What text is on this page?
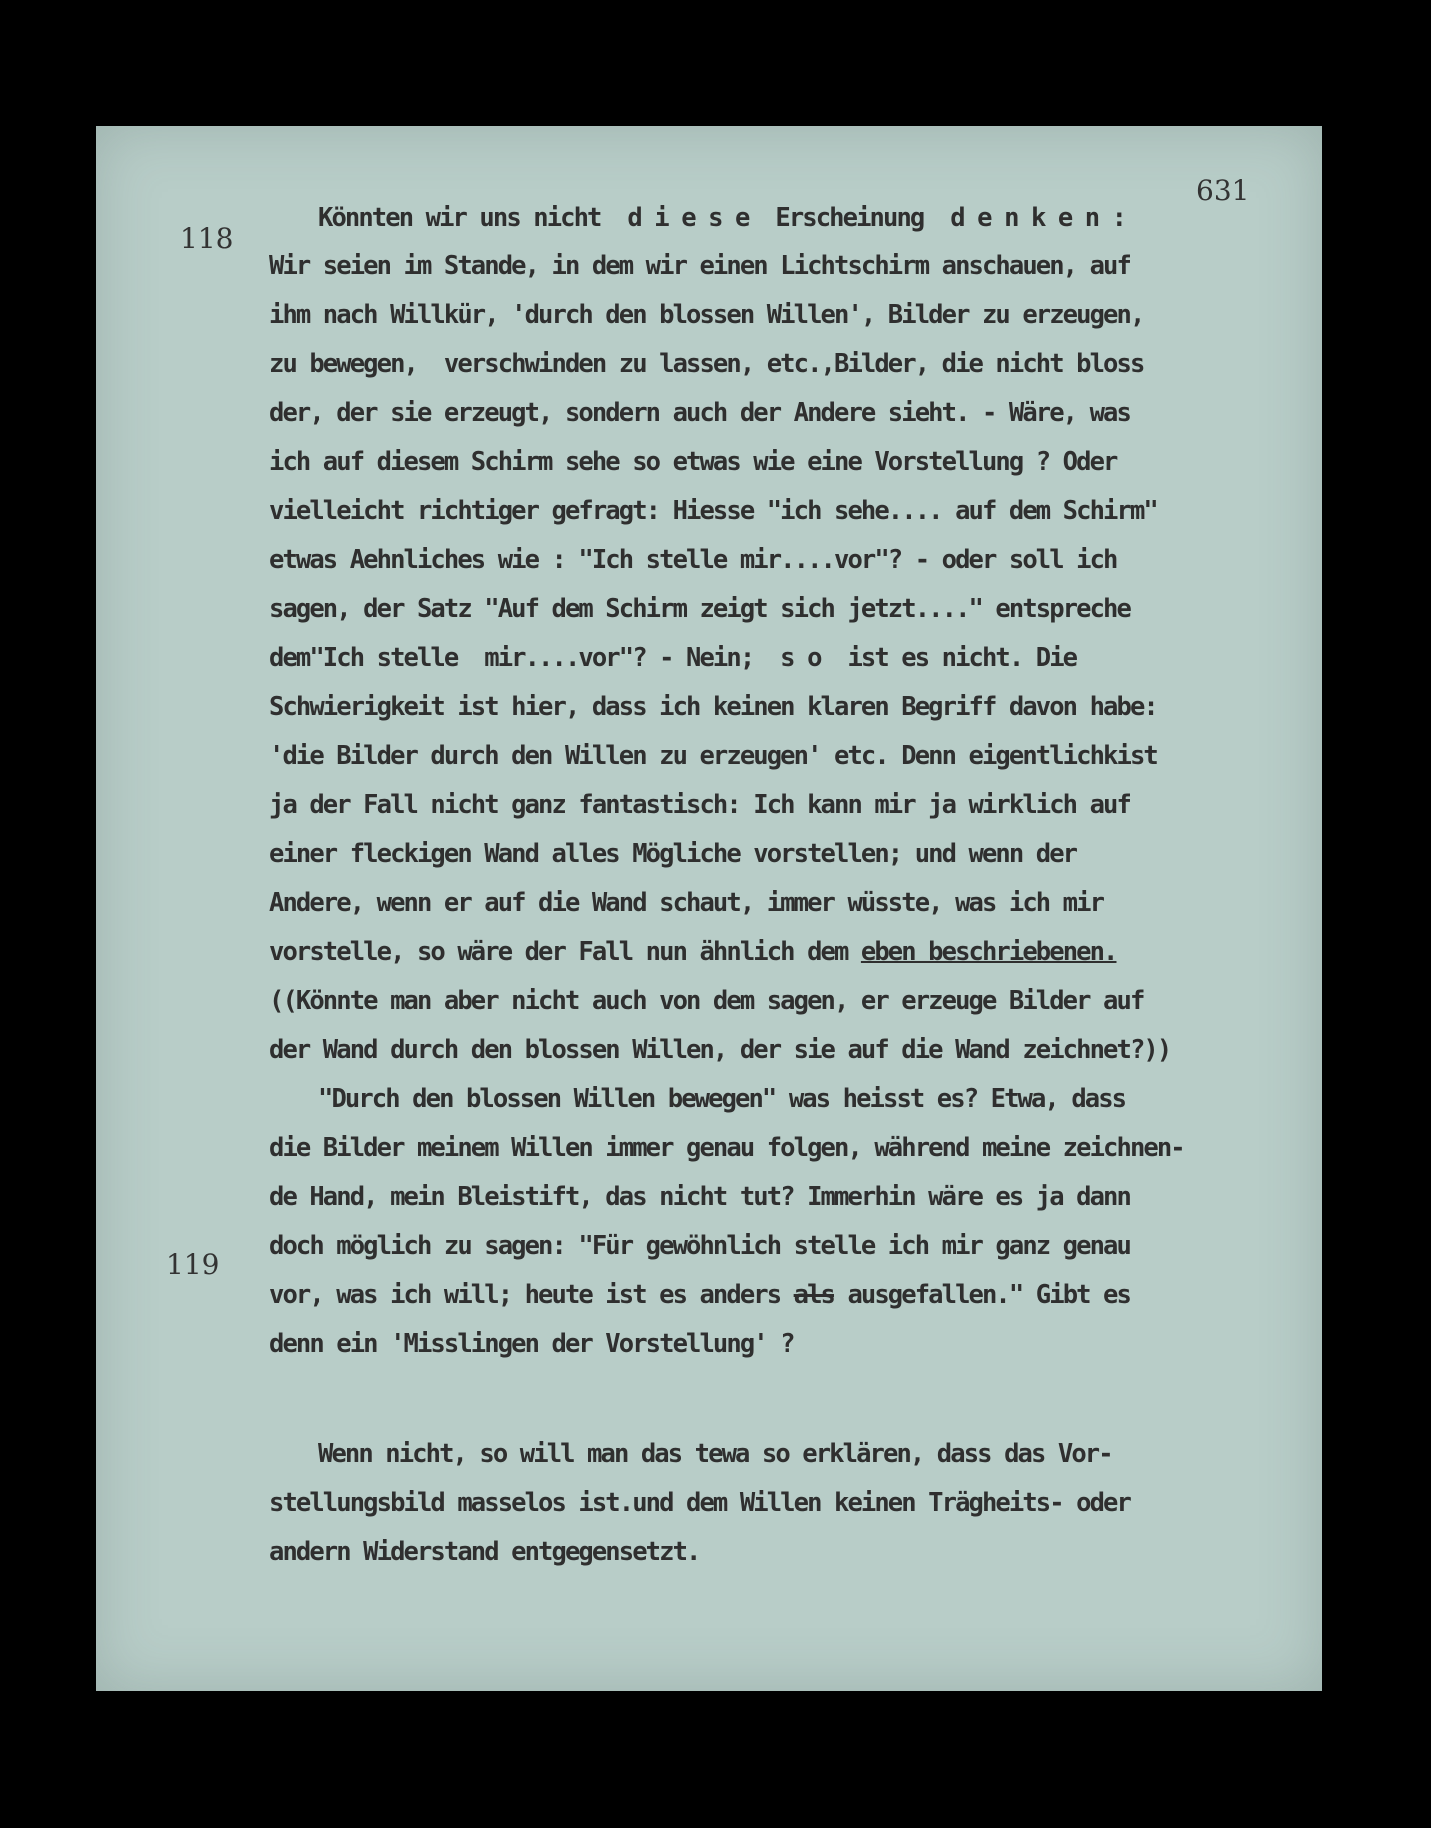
631
118
119
Könnten wir uns nicht  d i e s e  Erscheinung  d e n k e n :
Wir seien im Stande, in dem wir einen Lichtschirm anschauen, auf
ihm nach Willkür, 'durch den blossen Willen', Bilder zu erzeugen,
zu bewegen,  verschwinden zu lassen, etc.,Bilder, die nicht bloss
der, der sie erzeugt, sondern auch der Andere sieht. - Wäre, was
ich auf diesem Schirm sehe so etwas wie eine Vorstellung ? Oder
vielleicht richtiger gefragt: Hiesse "ich sehe.... auf dem Schirm"
etwas Aehnliches wie : "Ich stelle mir....vor"? - oder soll ich
sagen, der Satz "Auf dem Schirm zeigt sich jetzt...." entspreche
dem"Ich stelle  mir....vor"? - Nein;  s o  ist es nicht. Die
Schwierigkeit ist hier, dass ich keinen klaren Begriff davon habe:
'die Bilder durch den Willen zu erzeugen' etc. Denn eigentlichkist
ja der Fall nicht ganz fantastisch: Ich kann mir ja wirklich auf
einer fleckigen Wand alles Mögliche vorstellen; und wenn der
Andere, wenn er auf die Wand schaut, immer wüsste, was ich mir
vorstelle, so wäre der Fall nun ähnlich dem eben beschriebenen.
((Könnte man aber nicht auch von dem sagen, er erzeuge Bilder auf
der Wand durch den blossen Willen, der sie auf die Wand zeichnet?))
"Durch den blossen Willen bewegen" was heisst es? Etwa, dass
die Bilder meinem Willen immer genau folgen, während meine zeichnen-
de Hand, mein Bleistift, das nicht tut? Immerhin wäre es ja dann
doch möglich zu sagen: "Für gewöhnlich stelle ich mir ganz genau
vor, was ich will; heute ist es anders als ausgefallen." Gibt es
denn ein 'Misslingen der Vorstellung' ?
Wenn nicht, so will man das tewa so erklären, dass das Vor-
stellungsbild masselos ist.und dem Willen keinen Trägheits- oder
andern Widerstand entgegensetzt.
